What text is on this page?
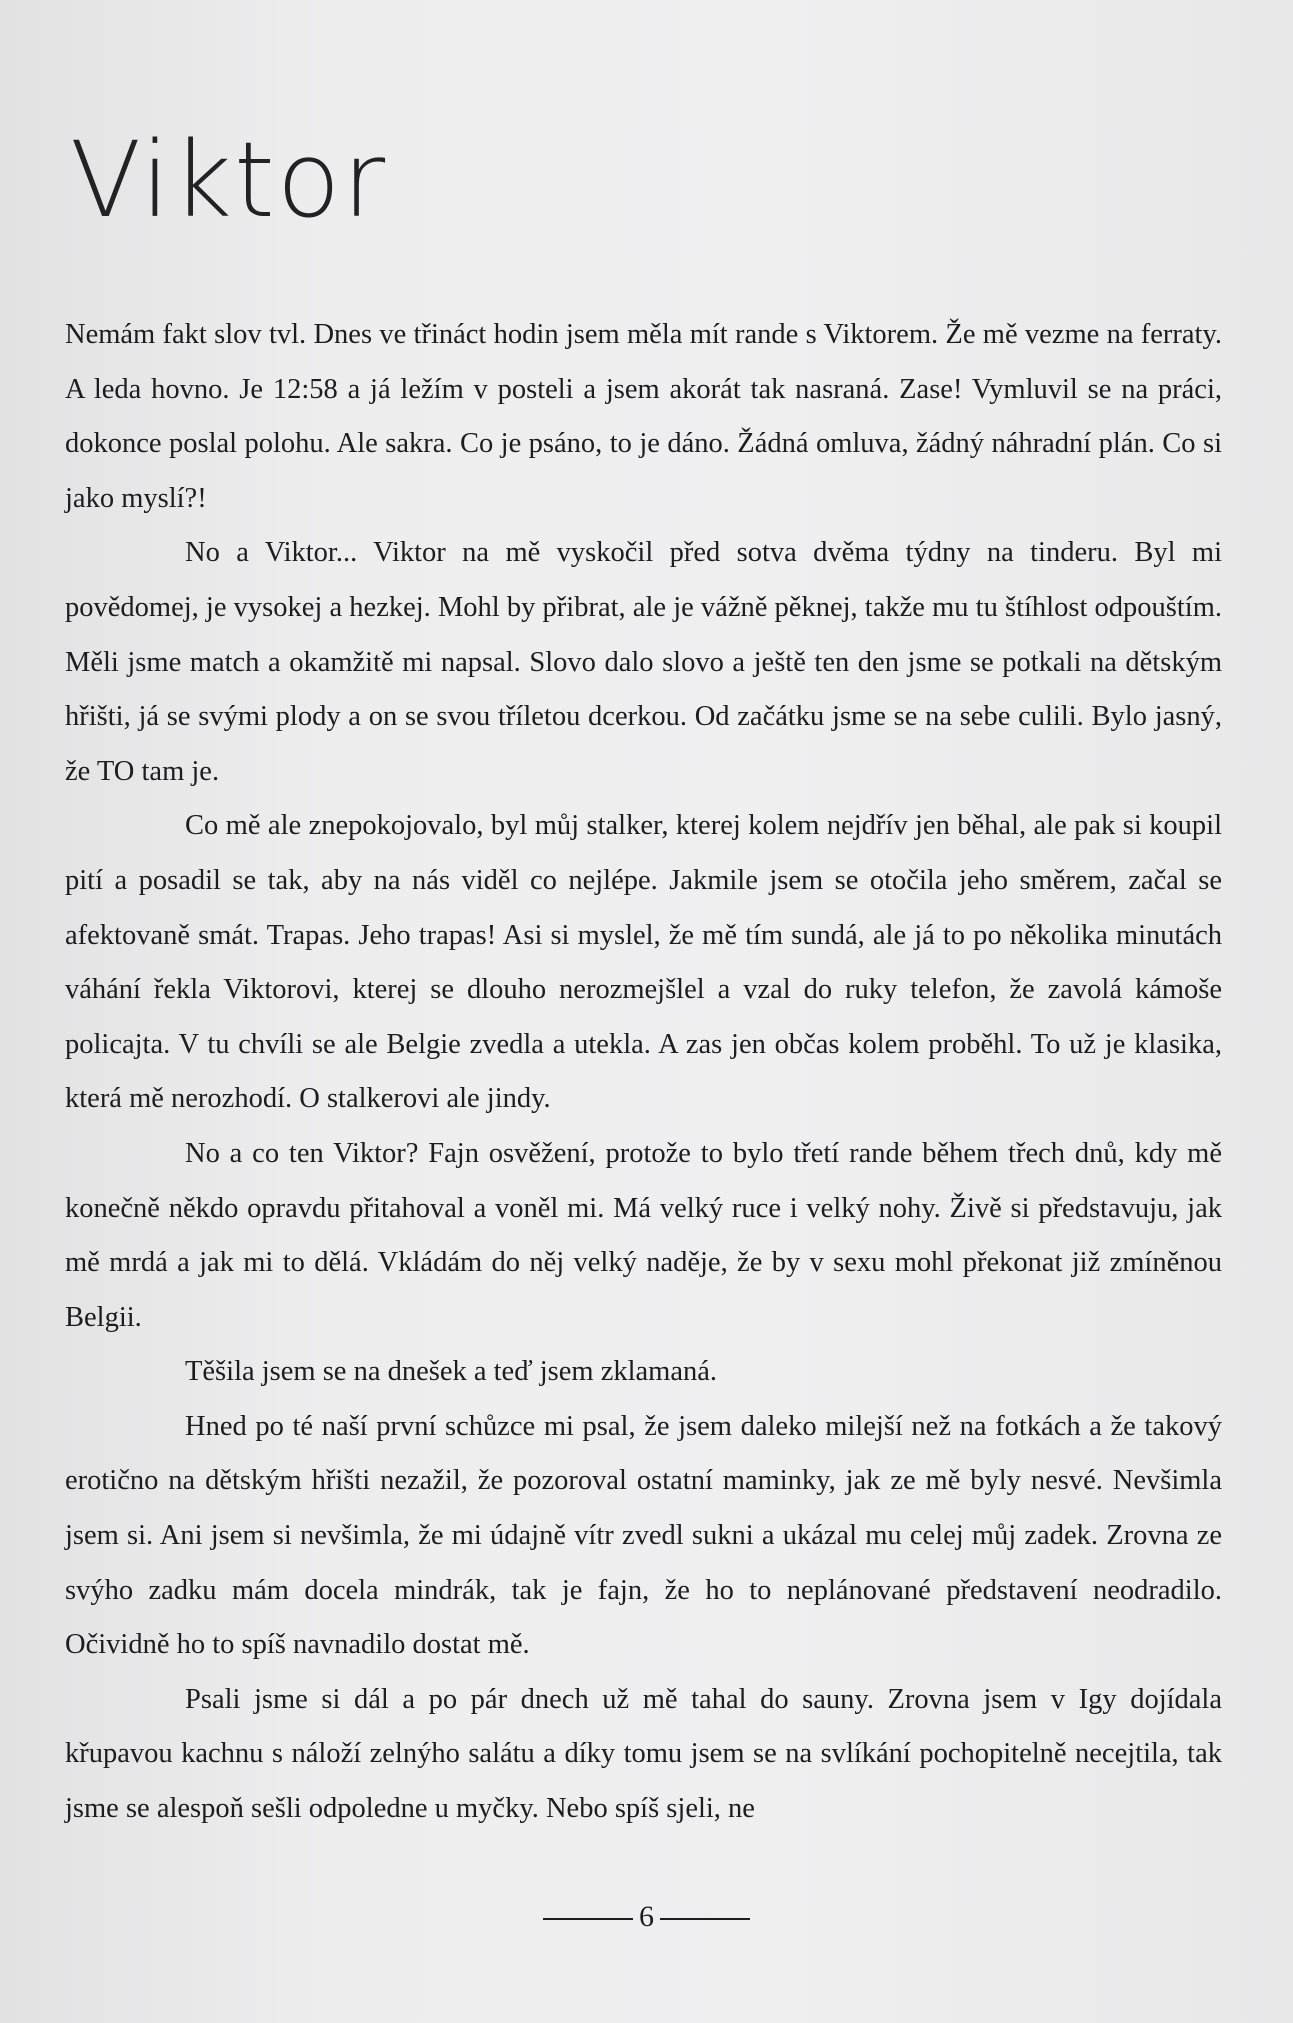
Viktor

Nemám fakt slov tvl. Dnes ve třináct hodin jsem měla mít rande s Viktorem. Že mě vezme na ferraty. A leda hovno. Je 12:58 a já ležím v posteli a jsem akorát tak nasraná. Zase! Vymluvil se na práci, dokonce poslal polohu. Ale sakra. Co je psáno, to je dáno. Žádná omluva, žádný náhradní plán. Co si jako myslí?!

No a Viktor... Viktor na mě vyskočil před sotva dvěma týdny na tinderu. Byl mi povědomej, je vysokej a hezkej. Mohl by přibrat, ale je vážně pěknej, takže mu tu štíhlost odpouštím. Měli jsme match a okamžitě mi napsal. Slovo dalo slovo a ještě ten den jsme se potkali na dětským hřišti, já se svými plody a on se svou tříletou dcerkou. Od začátku jsme se na sebe culili. Bylo jasný, že TO tam je.

Co mě ale znepokojovalo, byl můj stalker, kterej kolem nejdřív jen běhal, ale pak si koupil pití a posadil se tak, aby na nás viděl co nejlépe. Jakmile jsem se otočila jeho směrem, začal se afektovaně smát. Trapas. Jeho trapas! Asi si myslel, že mě tím sundá, ale já to po několika minutách váhání řekla Viktorovi, kterej se dlouho nerozmejšlel a vzal do ruky telefon, že zavolá kámoše policajta. V tu chvíli se ale Belgie zvedla a utekla. A zas jen občas kolem proběhl. To už je klasika, která mě nerozhodí. O stalkerovi ale jindy.

No a co ten Viktor? Fajn osvěžení, protože to bylo třetí rande během třech dnů, kdy mě konečně někdo opravdu přitahoval a voněl mi. Má velký ruce i velký nohy. Živě si představuju, jak mě mrdá a jak mi to dělá. Vkládám do něj velký naděje, že by v sexu mohl překonat již zmíněnou Belgii.

Těšila jsem se na dnešek a teď jsem zklamaná.

Hned po té naší první schůzce mi psal, že jsem daleko milejší než na fotkách a že takový erotično na dětským hřišti nezažil, že pozoroval ostatní maminky, jak ze mě byly nesvé. Nevšimla jsem si. Ani jsem si nevšimla, že mi údajně vítr zvedl sukni a ukázal mu celej můj zadek. Zrovna ze svýho zadku mám docela mindrák, tak je fajn, že ho to neplánované představení neodradilo. Očividně ho to spíš navnadilo dostat mě.

Psali jsme si dál a po pár dnech už mě tahal do sauny. Zrovna jsem v Igy dojídala křupavou kachnu s náloží zelnýho salátu a díky tomu jsem se na svlíkání pochopitelně necejtila, tak jsme se alespoň sešli odpoledne u myčky. Nebo spíš sjeli, ne

6
